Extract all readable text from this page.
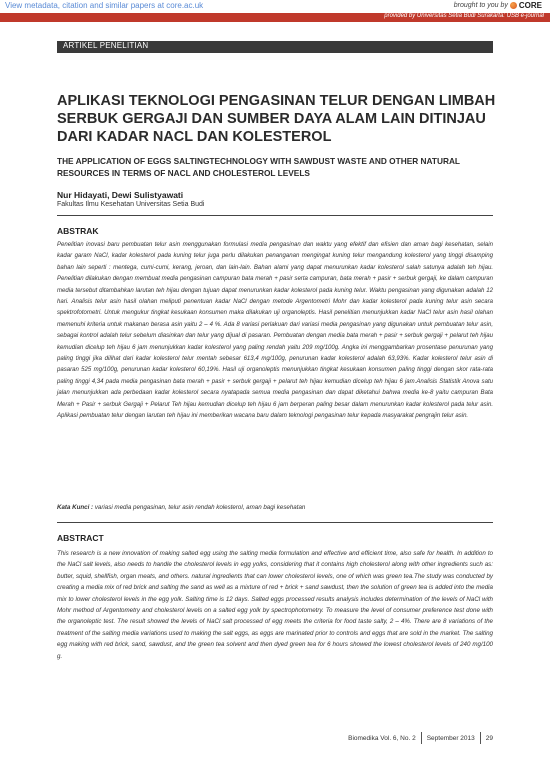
View metadata, citation and similar papers at core.ac.uk	brought to you by CORE
provided by Universitas Setia Budi Surakarta: USB e-journal
ARTIKEL PENELITIAN
APLIKASI TEKNOLOGI PENGASINAN TELUR DENGAN LIMBAH SERBUK GERGAJI DAN SUMBER DAYA ALAM LAIN DITINJAU DARI KADAR NACL DAN KOLESTEROL
THE APPLICATION OF EGGS SALTINGTECHNOLOGY WITH SAWDUST WASTE AND OTHER NATURAL RESOURCES IN TERMS OF NACL AND CHOLESTEROL LEVELS
Nur Hidayati, Dewi Sulistyawati
Fakultas Ilmu Kesehatan Universitas Setia Budi
ABSTRAK

Penelitian inovasi baru pembuatan telur asin menggunakan formulasi media pengasinan dan waktu yang efektif dan efisien dan aman bagi kesehatan, selain kadar garam NaCl, kadar kolesterol pada kuning telur juga perlu dilakukan penanganan mengingat kuning telur mengandung kolesterol yang tinggi disamping bahan lain seperti : mentega, cumi-cumi, kerang, jeroan, dan lain-lain. Bahan alami yang dapat menurunkan kadar kolesterol salah satunya adalah teh hijau. Penelitian dilakukan dengan membuat media pengasinan campuran bata merah + pasir serta campuran, bata merah + pasir + serbuk gergaji, ke dalam campuran media tersebut ditambahkan larutan teh hijau dengan tujuan dapat menurunkan kadar kolesterol pada kuning telur. Waktu pengasinan yang digunakan adalah 12 hari. Analisis telur asin hasil olahan meliputi penentuan kadar NaCl dengan metode Argentometri Mohr dan kadar kolesterol pada kuning telur asin secara spektrofotometri. Untuk mengukur tingkat kesukaan konsumen maka dilakukan uji organoleptis. Hasil penelitian menunjukkan kadar NaCl telur asin hasil olahan memenuhi kriteria untuk makanan berasa asin yaitu 2 – 4 %. Ada 8 variasi perlakuan dari variasi media pengasinan yang digunakan untuk pembuatan telur asin, sebagai kontrol adalah telur sebelum diasinkan dan telur yang dijual di pasaran. Pembuatan dengan media bata merah + pasir + serbuk gergaji + pelarut teh hijau kemudian dicelup teh hijau 6 jam menunjukkan kadar kolesterol yang paling rendah yaitu 209 mg/100g. Angka ini menggambarkan prosentase penurunan yang paling tinggi jika dilihat dari kadar kolesterol telur mentah sebesar 613,4 mg/100g, penurunan kadar kolesterol adalah 63,93%. Kadar kolesterol telur asin di pasaran 525 mg/100g, penurunan kadar kolesterol 60,19%. Hasil uji organoleptis menunjukkan tingkat kesukaan konsumen paling tinggi dengan skor rata-rata paling tinggi 4,34 pada media pengasinan bata merah + pasir + serbuk gergaji + pelarut teh hijau kemudian dicelup teh hijau 6 jam.Analisis Statistik Anova satu jalan menunjukkan ada perbedaan kadar kolesterol secara nyatapada semua media pengasinan dan dapat diketahui bahwa media ke-8 yaitu campuran Bata Merah + Pasir + serbuk Gergaji + Pelarut Teh hijau kemudian dicelup teh hijau 6 jam berperan paling besar dalam menurunkan kadar kolesterol pada telur asin. Aplikasi pembuatan telur dengan larutan teh hijau ini memberikan wacana baru dalam teknologi pengasinan telur kepada masyarakat pengrajin telur asin.

Kata Kunci : variasi media pengasinan, telur asin rendah kolesterol, aman bagi kesehatan
ABSTRACT

This research is a new innovation of making salted egg using the salting media formulation and effective and efficient time, also safe for health. In addition to the NaCl salt levels, also needs to handle the cholesterol levels in egg yolks, considering that it contains high cholesterol along with other ingredients such as: butter, squid, shellfish, organ meats, and others. natural ingredients that can lower cholesterol levels, one of which was green tea.The study was conducted by creating a media mix of red brick and salting the sand as well as a mixture of red + brick + sand sawdust, then the solution of green tea is added into the media mix to lower cholesterol levels in the egg yolk. Salting time is 12 days. Salted eggs processed results analysis includes determination of the levels of NaCl with Mohr method of Argentometry and cholesterol levels on a salted egg yolk by spectrophotometry. To measure the level of consumer preference test done with the organoleptic test. The result showed the levels of NaCl salt processed of egg meets the criteria for food taste salty, 2 – 4%. There are 8 variations of the treatment of the salting media variations used to making the salt eggs, as eggs are marinated prior to controls and eggs that are sold in the market. The salting egg making with red brick, sand, sawdust, and the green tea solvent and then dyed green tea for 6 hours showed the lowest cholesterol levels of 240 mg/100 g.

Biomedika Vol. 6, No. 2 September 2013 29
